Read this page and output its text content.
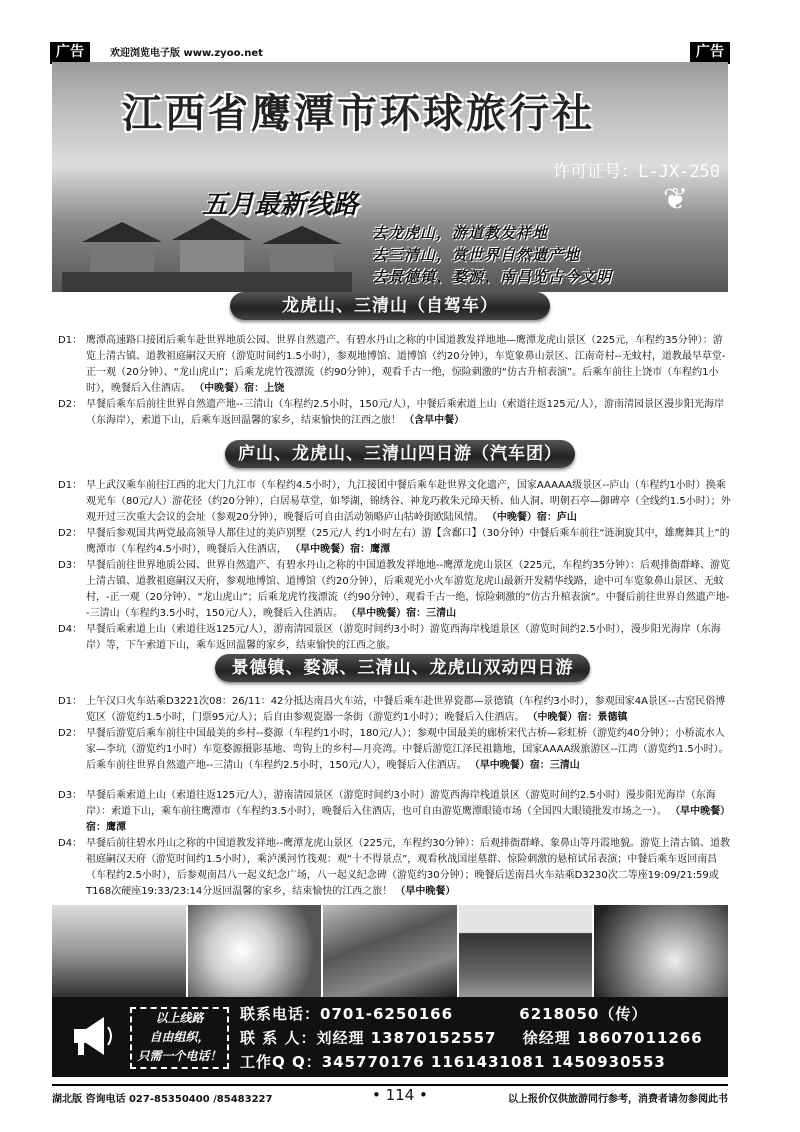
广告	欢迎浏览电子版 www.zyoo.net	广告
江西省鹰潭市环球旅行社
许可证号：L-JX-250
五月最新线路	❦
去龙虎山，游道教发祥地
去三清山，赏世界自然遗产地
去景德镇、婺源、南昌览古今文明
龙虎山、三清山（自驾车）
D1： 鹰潭高速路口接团后乘车赴世界地质公园、世界自然遗产、有碧水丹山之称的中国道教发祥地地—鹰潭龙虎山景区（225元，车程约35分钟）：游览上清古镇、道教祖庭嗣汉天府（游览时间约1.5小时），参观地博馆、道博馆（约20分钟），车览象鼻山景区、江南奇村--无蚊村，道教最早草堂-正一观（20分钟）、“龙山虎山”；后乘龙虎竹筏漂流（约90分钟），观看千古一绝，惊险刺激的“仿古升棺表演”。后乘车前往上饶市（车程约1小时），晚餐后入住酒店。 （中晚餐）宿：上饶
D2： 早餐后乘车后前往世界自然遗产地--三清山（车程约2.5小时，150元/人），中餐后乘索道上山（索道往返125元/人），游南清园景区漫步阳光海岸（东海岸），索道下山，后乘车返回温馨的家乡，结束愉快的江西之旅！ （含早中餐）
庐山、龙虎山、三清山四日游（汽车团）
D1： 早上武汉乘车前往江西的北大门九江市（车程约4.5小时），九江接团中餐后乘车赴世界文化遗产，国家AAAAA级景区--庐山（车程约1小时）换乘观光车（80元/人）游花径（约20分钟），白居易草堂，如琴湖，锦绣谷、神龙巧救朱元璋天桥、仙人洞、明朝石亭—御碑亭（全线约1.5小时）；外观开过三次重大会议的会址（参观20分钟），晚餐后可自由活动领略庐山牯岭街欧陆风情。 （中晚餐）宿：庐山
D2： 早餐后参观国共两党最高领导人都住过的美庐别墅（25元/人 约1小时左右）游【含鄱口】（30分钟）中餐后乘车前往“涟涧旋其中，雄鹰舞其上”的鹰潭市（车程约4.5小时），晚餐后入住酒店， （早中晚餐）宿：鹰潭
D3： 早餐后前往世界地质公园、世界自然遗产、有碧水丹山之称的中国道教发祥地地--鹰潭龙虎山景区（225元，车程约35分钟）：后观排衙群峰、游览上清古镇、道教祖庭嗣汉天府，参观地博馆、道博馆（约20分钟），后乘观光小火车游览龙虎山最新开发精华线路，途中可车览象鼻山景区、无蚊村，-正一观（20分钟）、“龙山虎山”；后乘龙虎竹筏漂流（约90分钟），观看千古一绝，惊险刺激的“仿古升棺表演”。中餐后前往世界自然遗产地--三清山（车程约3.5小时，150元/人），晚餐后入住酒店。 （早中晚餐）宿：三清山
D4： 早餐后乘索道上山（索道往返125元/人），游南清园景区（游览时间约3小时）游览西海岸栈道景区（游览时间约2.5小时），漫步阳光海岸（东海岸）等，下午索道下山，乘车返回温馨的家乡，结束愉快的江西之旅。
景德镇、婺源、三清山、龙虎山双动四日游
D1： 上午汉口火车站乘D3221次08：26/11：42分抵达南昌火车站，中餐后乘车赴世界瓷都—景德镇（车程约3小时），参观国家4A景区--古窑民俗博览区（游览约1.5小时，门票95元/人）；后自由参观瓷器一条街（游览约1小时）；晚餐后入住酒店。 （中晚餐）宿：景德镇
D2： 早餐后游览后乘车前往中国最美的乡村--婺源（车程约1小时，180元/人）；参观中国最美的廊桥宋代古桥—彩虹桥（游览约40分钟）；小桥流水人家—李坑（游览约1小时）车览婺源摄影基地、弯钩上的乡村—月亮湾。中餐后游览江泽民祖籍地，国家AAAA级旅游区--江湾（游览约1.5小时）。后乘车前往世界自然遗产地--三清山（车程约2.5小时，150元/人），晚餐后入住酒店。 （早中晚餐）宿：三清山
D3： 早餐后乘索道上山（索道往返125元/人），游南清园景区（游览时间约3小时）游览西海岸栈道景区（游览时间约2.5小时）漫步阳光海岸（东海岸）：索道下山，乘车前往鹰潭市（车程约3.5小时），晚餐后入住酒店，也可自由游览鹰潭眼镜市场（全国四大眼镜批发市场之一）。 （早中晚餐）宿：鹰潭
D4： 早餐后前往碧水丹山之称的中国道教发祥地--鹰潭龙虎山景区（225元，车程约30分钟）：后观排衙群峰、象鼻山等丹霞地貌。游览上清古镇、道教祖庭嗣汉天府（游览时间约1.5小时），乘泸溪河竹筏观：观“十不得景点”，观看秋战国崖墓群、惊险刺激的悬棺试吊表演；中餐后乘车返回南昌（车程约2.5小时），后参观南昌八一起义纪念广场，八一起义纪念碑（游览约30分钟）；晚餐后送南昌火车站乘D3230次二等座19:09/21:59或T168次硬座19:33/23:14分返回温馨的家乡，结束愉快的江西之旅！ （早中晚餐）
以上线路
自由组织，
只需一个电话！
联系电话：0701-6250166	6218050（传）
联 系 人：刘经理 13870152557 徐经理 18607011266
工作Q Q：345770176 1161431081 1450930553
湖北版 咨询电话 027-85350400 /85483227	• 114 •	以上报价仅供旅游同行参考，消费者请勿参阅此书
